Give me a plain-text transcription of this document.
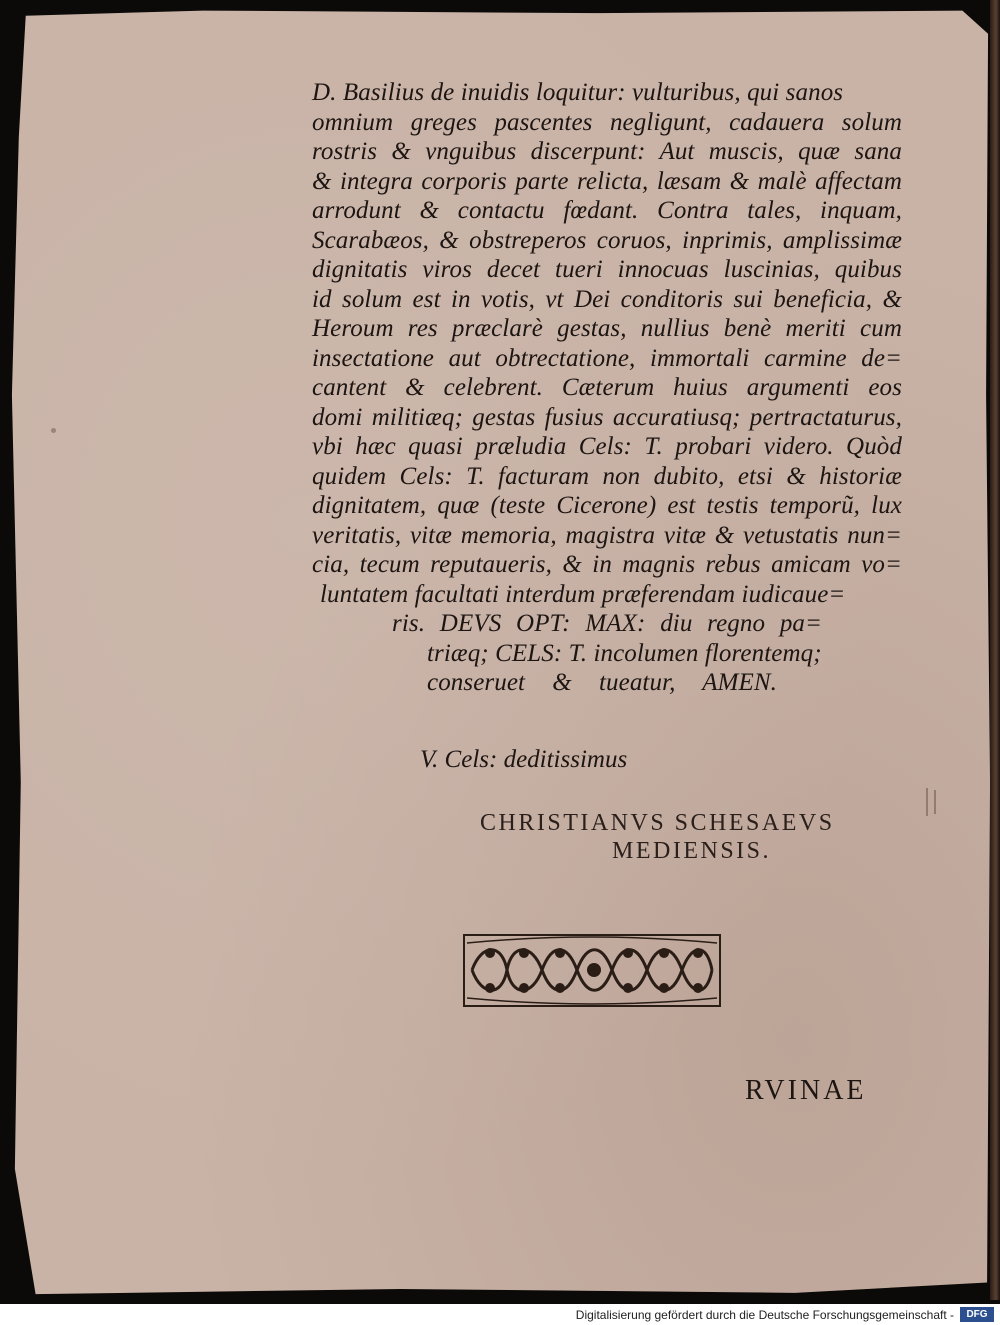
D. Basilius de inuidis loquitur: vulturibus, qui sanos
omnium greges pascentes negligunt, cadauera solum
rostris & vnguibus discerpunt: Aut muscis, quæ sana
& integra corporis parte relicta, læsam & malè affectam
arrodunt & contactu fœdant. Contra tales, inquam,
Scarabæos, & obstreperos coruos, inprimis, amplissimæ
dignitatis viros decet tueri innocuas luscinias, quibus
id solum est in votis, vt Dei conditoris sui beneficia, &
Heroum res præclarè gestas, nullius benè meriti cum
insectatione aut obtrectatione, immortali carmine de=
cantent & celebrent. Cæterum huius argumenti eos
domi militiæq; gestas fusius accuratiusq; pertractaturus,
vbi hæc quasi præludia Cels: T. probari videro. Quòd
quidem Cels: T. facturam non dubito, etsi & historiæ
dignitatem, quæ (teste Cicerone) est testis temporũ, lux
veritatis, vitæ memoria, magistra vitæ & vetustatis nun=
cia, tecum reputaueris, & in magnis rebus amicam vo=
luntatem facultati interdum præferendam iudicaue=
ris. DEVS OPT: MAX: diu regno pa=
triæq; CELS: T. incolumen florentemq;
conseruet & tueatur, AMEN.
V. Cels: deditissimus
CHRISTIANVS SCHESAEVS
MEDIENSIS.
RVINAE
Digitalisierung gefördert durch die Deutsche Forschungsgemeinschaft -	DFG
